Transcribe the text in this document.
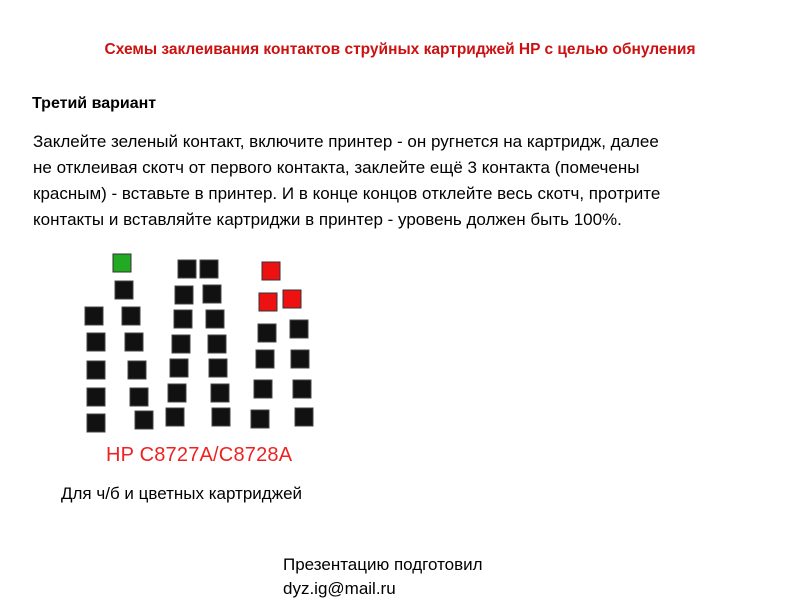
Схемы заклеивания контактов струйных картриджей HP с целью обнуления
Третий вариант
Заклейте зеленый контакт, включите принтер - он ругнется на картридж, далее
не отклеивая скотч от первого контакта, заклейте ещё 3 контакта (помечены
красным) - вставьте в принтер. И в конце концов отклейте весь скотч, протрите
контакты и вставляйте картриджи в принтер - уровень должен быть 100%.
HP C8727A/C8728A
Для ч/б и цветных картриджей
Презентацию подготовил
dyz.ig@mail.ru
